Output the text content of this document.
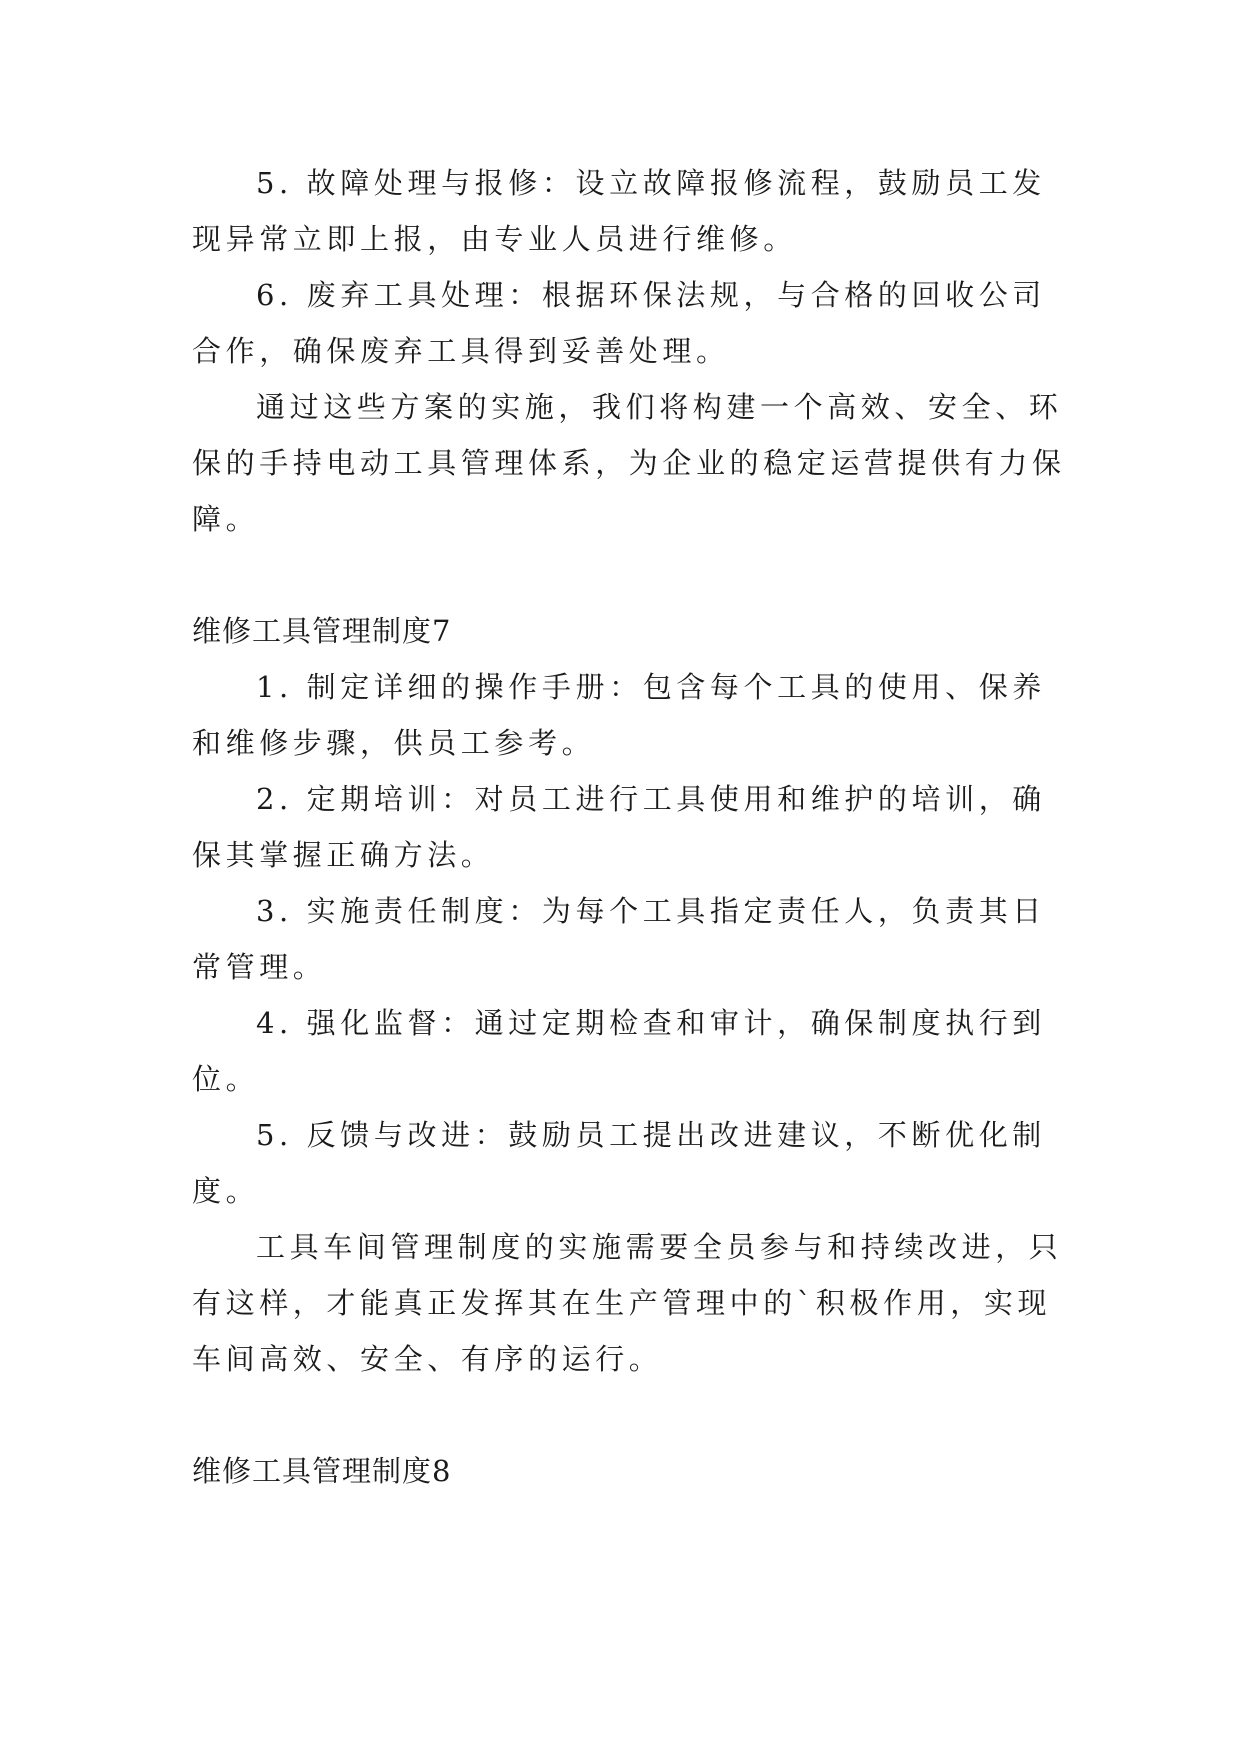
5. 故障处理与报修：设立故障报修流程，鼓励员工发
现异常立即上报，由专业人员进行维修。
6. 废弃工具处理：根据环保法规，与合格的回收公司
合作，确保废弃工具得到妥善处理。
通过这些方案的实施，我们将构建一个高效、安全、环
保的手持电动工具管理体系，为企业的稳定运营提供有力保
障。
维修工具管理制度7
1. 制定详细的操作手册：包含每个工具的使用、保养
和维修步骤，供员工参考。
2. 定期培训：对员工进行工具使用和维护的培训，确
保其掌握正确方法。
3. 实施责任制度：为每个工具指定责任人，负责其日
常管理。
4. 强化监督：通过定期检查和审计，确保制度执行到
位。
5. 反馈与改进：鼓励员工提出改进建议，不断优化制
度。
工具车间管理制度的实施需要全员参与和持续改进，只
有这样，才能真正发挥其在生产管理中的`积极作用，实现
车间高效、安全、有序的运行。
维修工具管理制度8
